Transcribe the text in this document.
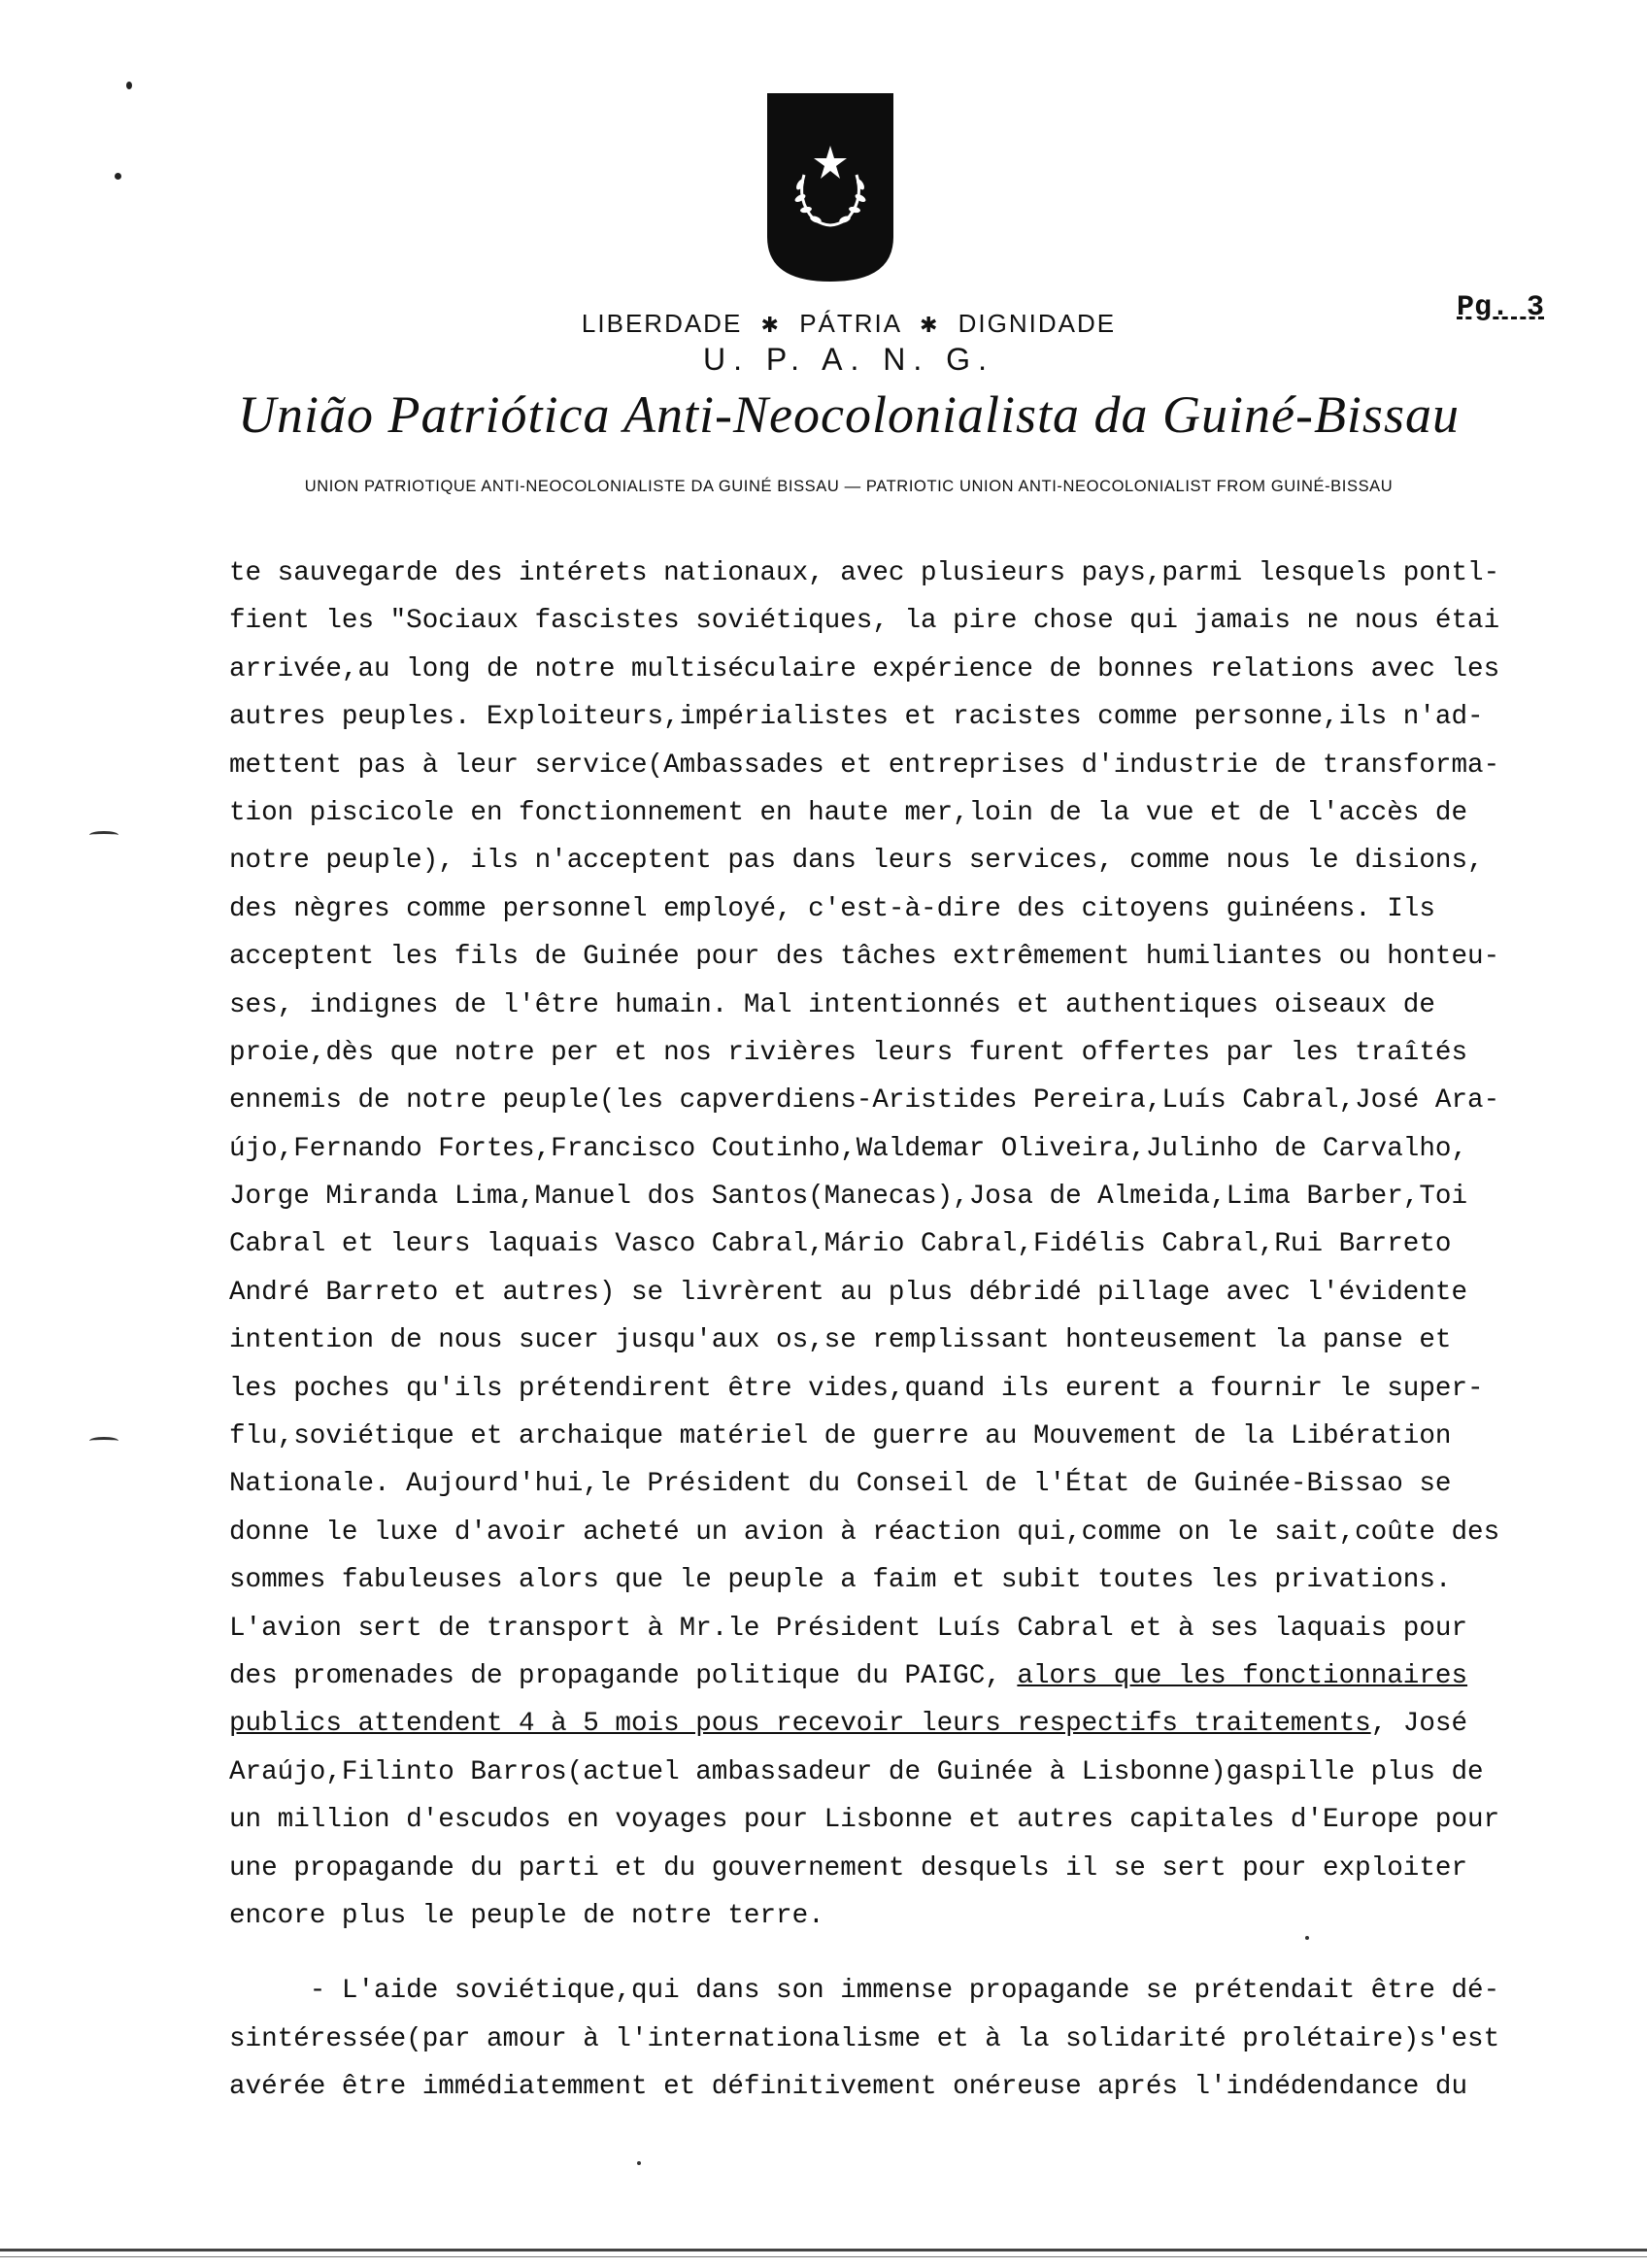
LIBERDADE ✱ PÁTRIA ✱ DIGNIDADE
U. P. A. N. G.
União Patriótica Anti-Neocolonialista da Guiné-Bissau
UNION PATRIOTIQUE ANTI-NEOCOLONIALISTE DA GUINÉ BISSAU — PATRIOTIC UNION ANTI-NEOCOLONIALIST FROM GUINÉ-BISSAU
Pg. 3
te sauvegarde des intérets nationaux, avec plusieurs pays,parmi lesquels pontl-
fient les "Sociaux fascistes soviétiques, la pire chose qui jamais ne nous étai
arrivée,au long de notre multiséculaire expérience de bonnes relations avec les
autres peuples. Exploiteurs,impérialistes et racistes comme personne,ils n'ad-
mettent pas à leur service(Ambassades et entreprises d'industrie de transforma-
tion piscicole en fonctionnement en haute mer,loin de la vue et de l'accès de
notre peuple), ils n'acceptent pas dans leurs services, comme nous le disions,
des nègres comme personnel employé, c'est-à-dire des citoyens guinéens. Ils
acceptent les fils de Guinée pour des tâches extrêmement humiliantes ou honteu-
ses, indignes de l'être humain. Mal intentionnés et authentiques oiseaux de
proie,dès que notre per et nos rivières leurs furent offertes par les traîtés
ennemis de notre peuple(les capverdiens-Aristides Pereira,Luís Cabral,José Ara-
újo,Fernando Fortes,Francisco Coutinho,Waldemar Oliveira,Julinho de Carvalho,
Jorge Miranda Lima,Manuel dos Santos(Manecas),Josa de Almeida,Lima Barber,Toi
Cabral et leurs laquais Vasco Cabral,Mário Cabral,Fidélis Cabral,Rui Barreto
André Barreto et autres) se livrèrent au plus débridé pillage avec l'évidente
intention de nous sucer jusqu'aux os,se remplissant honteusement la panse et
les poches qu'ils prétendirent être vides,quand ils eurent a fournir le super-
flu,soviétique et archaique matériel de guerre au Mouvement de la Libération
Nationale. Aujourd'hui,le Président du Conseil de l'État de Guinée-Bissao se
donne le luxe d'avoir acheté un avion à réaction qui,comme on le sait,coûte des
sommes fabuleuses alors que le peuple a faim et subit toutes les privations.
L'avion sert de transport à Mr.le Président Luís Cabral et à ses laquais pour
des promenades de propagande politique du PAIGC, alors que les fonctionnaires
publics attendent 4 à 5 mois pous recevoir leurs respectifs traitements, José
Araújo,Filinto Barros(actuel ambassadeur de Guinée à Lisbonne)gaspille plus de
un million d'escudos en voyages pour Lisbonne et autres capitales d'Europe pour
une propagande du parti et du gouvernement desquels il se sert pour exploiter
encore plus le peuple de notre terre.
- L'aide soviétique,qui dans son immense propagande se prétendait être dé-
sintéressée(par amour à l'internationalisme et à la solidarité prolétaire)s'est
avérée être immédiatemment et définitivement onéreuse aprés l'indédendance du
